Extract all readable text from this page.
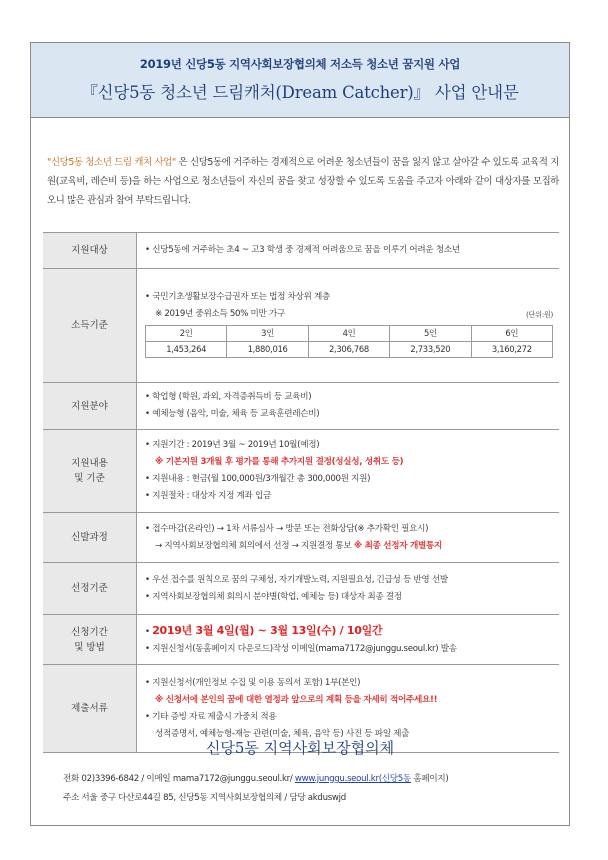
2019년 신당5동 지역사회보장협의체 저소득 청소년 꿈지원 사업
『신당5동 청소년 드림캐처(Dream Catcher)』 사업 안내문
"신당5동 청소년 드림 캐처 사업" 은 신당5동에 거주하는 경제적으로 어려운 청소년들이 꿈을 잃지 않고 살아갈 수 있도록 교육적 지원(교육비, 레슨비 등)을 하는 사업으로 청소년들이 자신의 꿈을 찾고 성장할 수 있도록 도움을 주고자 아래와 같이 대상자를 모집하오니 많은 관심과 참여 부탁드립니다.
지원대상	• 신당5동에 거주하는 초4 ~ 고3 학생 중 경제적 어려움으로 꿈을 이루기 어려운 청소년

소득기준	
• 국민기초생활보장수급권자 또는 법정 차상위 계층
※ 2019년 중위소득 50% 미만 가구	(단위:원)
2인	3인	4인	5인	6인
1,453,264	1,880,016	2,306,768	2,733,520	3,160,272

지원분야	
• 학업형 (학원, 과외, 자격증취득비 등 교육비)
• 예체능형 (음악, 미술, 체육 등 교육훈련레슨비)

지원내용
및 기준

• 지원기간 : 2019년 3월 ~ 2019년 10월(예정)
※ 기본지원 3개월 후 평가를 통해 추가지원 결정(성실성, 성취도 등)
• 지원내용 : 현금(월 100,000원/3개월간 총 300,000원 지원)
• 지원절차 : 대상자 지정 계좌 입금

신발과정	
• 접수마감(온라인) → 1차 서류심사 → 방문 또는 전화상담(※ 추가확인 필요시)
→ 지역사회보장협의체 회의에서 선정 → 지원결정 통보 ※ 최종 선정자 개별통지

선정기준	
• 우선 접수를 원칙으로 꿈의 구체성, 자기개발노력, 지원필요성, 긴급성 등 반영 선발
• 지역사회보장협의체 회의시 분야별(학업, 예체능 등) 대상자 최종 결정

신청기간
및 방법

• 2019년 3월 4일(월) ~ 3월 13일(수) / 10일간
• 지원신청서(동홈페이지 다운로드)작성 이메일(mama7172@junggu.seoul.kr) 발송

제출서류	
• 지원신청서(개인정보 수집 및 이용 동의서 포함) 1부(본인)
※ 신청서에 본인의 꿈에 대한 열정과 앞으로의 계획 등을 자세히 적어주세요!!
• 기타 증빙 자료 제출시 가중치 적용
성적증명서, 예체능형-재능 관련(미술, 체육, 음악 등) 사진 등 파일 제출
신당5동 지역사회보장협의체
전화 02)3396-6842 / 이메일 mama7172@junggu.seoul.kr/ www.junggu.seoul.kr(신당5동 홈페이지)
주소 서울 중구 다산로44길 85, 신당5동 지역사회보장협의체 / 담당 akduswjd
